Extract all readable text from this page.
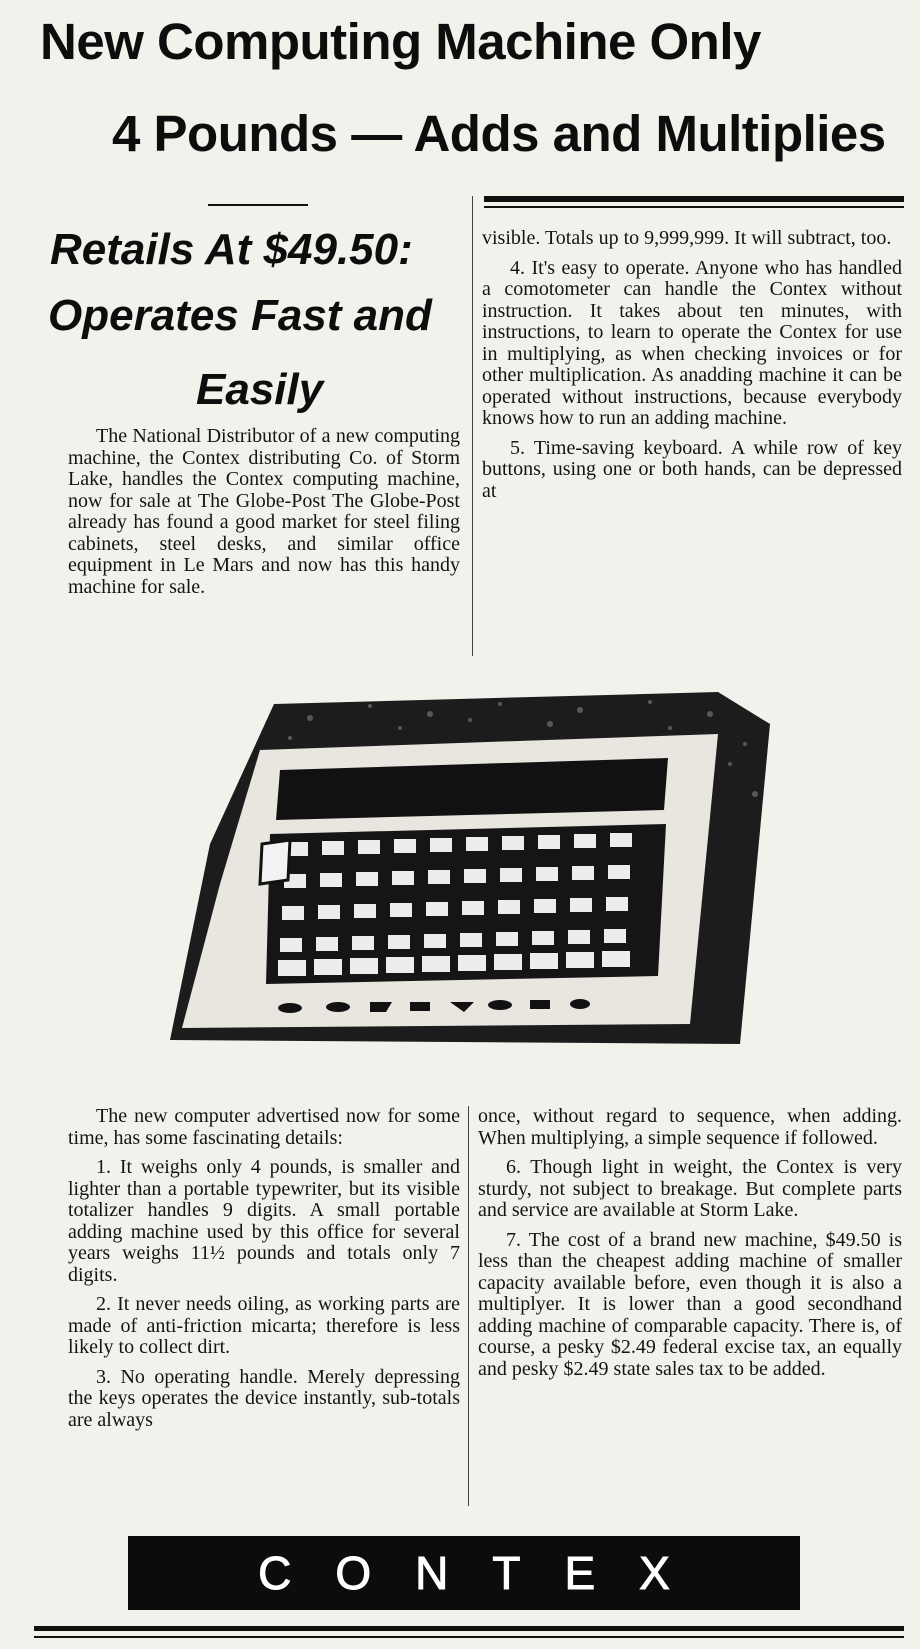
New Computing Machine Only
4 Pounds — Adds and Multiplies
Retails At $49.50:
Operates Fast and
Easily

The National Distributor of a new computing machine, the Contex distributing Co. of Storm Lake, handles the Contex computing machine, now for sale at The Globe-Post The Globe-Post already has found a good market for steel filing cabinets, steel desks, and similar office equipment in Le Mars and now has this handy machine for sale.

visible. Totals up to 9,999,999. It will subtract, too.

4. It's easy to operate. Anyone who has handled a comotometer can handle the Contex without instruction. It takes about ten minutes, with instructions, to learn to operate the Contex for use in multiplying, as when checking invoices or for other multiplication. As anadding machine it can be operated without instructions, because everybody knows how to run an adding machine.

5. Time-saving keyboard. A while row of key buttons, using one or both hands, can be depressed at

The new computer advertised now for some time, has some fascinating details:

1. It weighs only 4 pounds, is smaller and lighter than a portable typewriter, but its visible totalizer handles 9 digits. A small portable adding machine used by this office for several years weighs 11½ pounds and totals only 7 digits.

2. It never needs oiling, as working parts are made of anti-friction micarta; therefore is less likely to collect dirt.

3. No operating handle. Merely depressing the keys operates the device instantly, sub-totals are always

once, without regard to sequence, when adding. When multiplying, a simple sequence if followed.

6. Though light in weight, the Contex is very sturdy, not subject to breakage. But complete parts and service are available at Storm Lake.

7. The cost of a brand new machine, $49.50 is less than the cheapest adding machine of smaller capacity available before, even though it is also a multiplyer. It is lower than a good secondhand adding machine of comparable capacity. There is, of course, a pesky $2.49 federal excise tax, an equally and pesky $2.49 state sales tax to be added.

CONTEX
